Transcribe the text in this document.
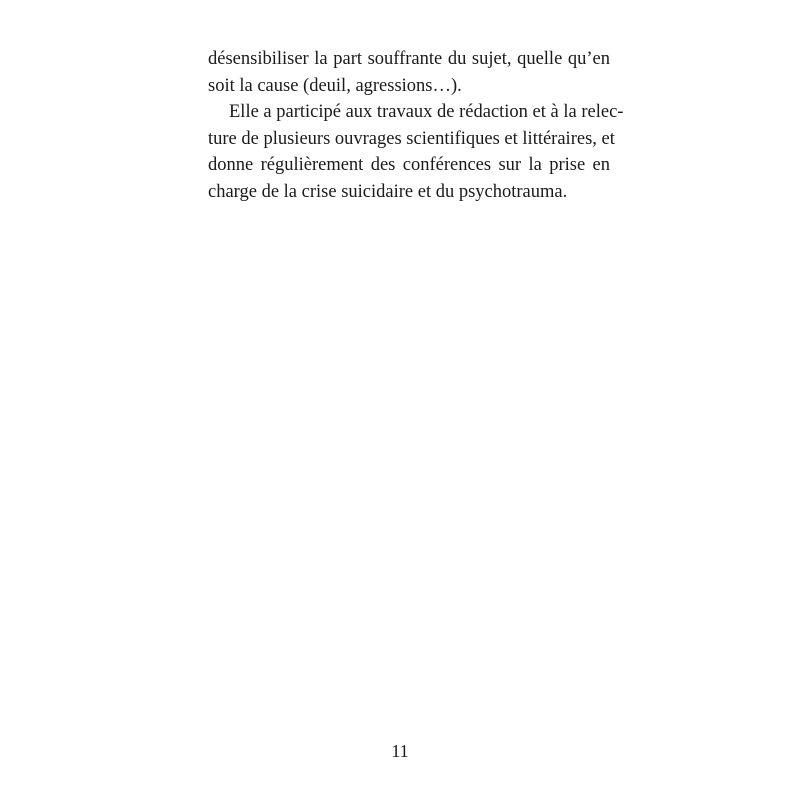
désensibiliser la part souffrante du sujet, quelle qu’en
soit la cause (deuil, agressions…).
Elle a participé aux travaux de rédaction et à la relec-
ture de plusieurs ouvrages scientifiques et littéraires, et
donne régulièrement des conférences sur la prise en
charge de la crise suicidaire et du psychotrauma.
11
